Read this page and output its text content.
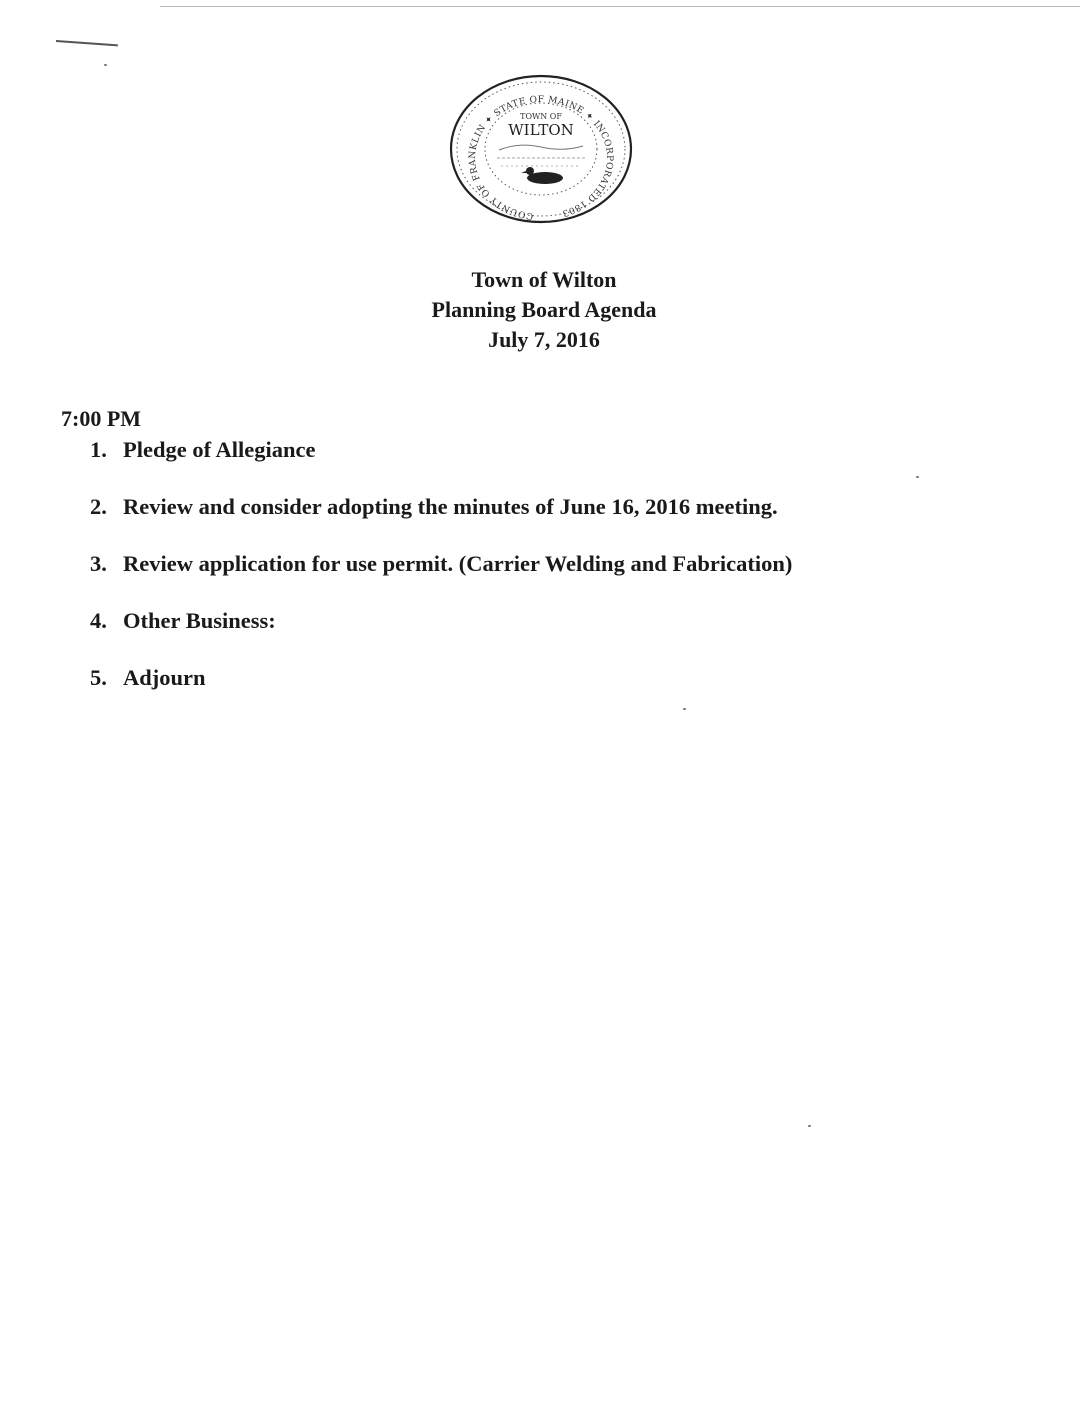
COUNTY OF FRANKLIN ✦ STATE OF MAINE ✦ INCORPORATED 1803
TOWN OF
WILTON
Town of Wilton
Planning Board Agenda
July 7, 2016
7:00 PM
1. Pledge of Allegiance
2. Review and consider adopting the minutes of June 16, 2016 meeting.
3. Review application for use permit. (Carrier Welding and Fabrication)
4. Other Business:
5. Adjourn
